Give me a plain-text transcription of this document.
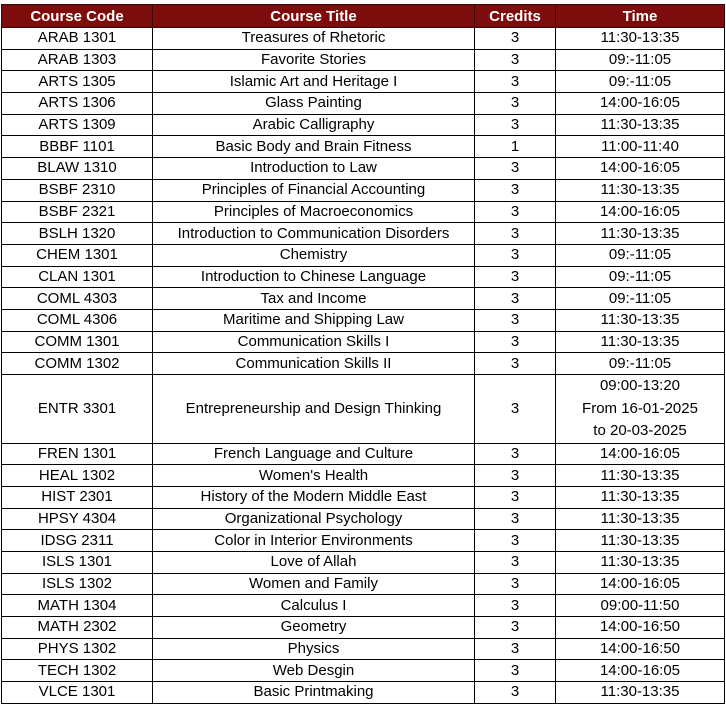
Course Code	Course Title	Credits	Time
ARAB 1301	Treasures of Rhetoric	3	11:30-13:35
ARAB 1303	Favorite Stories	3	09:-11:05
ARTS 1305	Islamic Art and Heritage I	3	09:-11:05
ARTS 1306	Glass Painting	3	14:00-16:05
ARTS 1309	Arabic Calligraphy	3	11:30-13:35
BBBF 1101	Basic Body and Brain Fitness	1	11:00-11:40
BLAW 1310	Introduction to Law	3	14:00-16:05
BSBF 2310	Principles of Financial Accounting	3	11:30-13:35
BSBF 2321	Principles of Macroeconomics	3	14:00-16:05
BSLH 1320	Introduction to Communication Disorders	3	11:30-13:35
CHEM 1301	Chemistry	3	09:-11:05
CLAN 1301	Introduction to Chinese Language	3	09:-11:05
COML 4303	Tax and Income	3	09:-11:05
COML 4306	Maritime and Shipping Law	3	11:30-13:35
COMM 1301	Communication Skills I	3	11:30-13:35
COMM 1302	Communication Skills II	3	09:-11:05
ENTR 3301	Entrepreneurship and Design Thinking	3	09:00-13:20
From 16-01-2025
to 20-03-2025

FREN 1301	French Language and Culture	3	14:00-16:05
HEAL 1302	Women's Health	3	11:30-13:35
HIST 2301	History of the Modern Middle East	3	11:30-13:35
HPSY 4304	Organizational Psychology	3	11:30-13:35
IDSG 2311	Color in Interior Environments	3	11:30-13:35
ISLS 1301	Love of Allah	3	11:30-13:35
ISLS 1302	Women and Family	3	14:00-16:05
MATH 1304	Calculus I	3	09:00-11:50
MATH 2302	Geometry	3	14:00-16:50
PHYS 1302	Physics	3	14:00-16:50
TECH 1302	Web Desgin	3	14:00-16:05
VLCE 1301	Basic Printmaking	3	11:30-13:35
